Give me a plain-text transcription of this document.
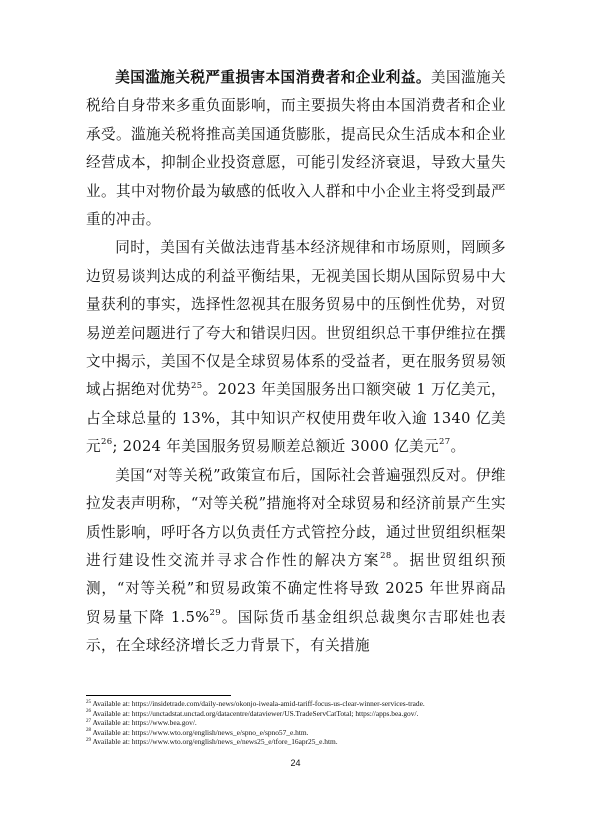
美国滥施关税严重损害本国消费者和企业利益。美国滥施关税给自身带来多重负面影响，而主要损失将由本国消费者和企业承受。滥施关税将推高美国通货膨胀，提高民众生活成本和企业经营成本，抑制企业投资意愿，可能引发经济衰退，导致大量失业。其中对物价最为敏感的低收入人群和中小企业主将受到最严重的冲击。

同时，美国有关做法违背基本经济规律和市场原则，罔顾多边贸易谈判达成的利益平衡结果，无视美国长期从国际贸易中大量获利的事实，选择性忽视其在服务贸易中的压倒性优势，对贸易逆差问题进行了夸大和错误归因。世贸组织总干事伊维拉在撰文中揭示，美国不仅是全球贸易体系的受益者，更在服务贸易领域占据绝对优势$^{25}$。2023 年美国服务出口额突破 1 万亿美元，占全球总量的 13%，其中知识产权使用费年收入逾 1340 亿美元$^{26}$; 2024 年美国服务贸易顺差总额近 3000 亿美元$^{27}$。

美国“对等关税”政策宣布后，国际社会普遍强烈反对。伊维拉发表声明称，“对等关税”措施将对全球贸易和经济前景产生实质性影响，呼吁各方以负责任方式管控分歧，通过世贸组织框架进行建设性交流并寻求合作性的解决方案$^{28}$。据世贸组织预测，“对等关税”和贸易政策不确定性将导致 2025 年世界商品贸易量下降 1.5%$^{29}$。国际货币基金组织总裁奥尔吉耶娃也表示，在全球经济增长乏力背景下，有关措施

$^{25}$ Available at: https://insidetrade.com/daily-news/okonjo-iweala-amid-tariff-focus-us-clear-winner-services-trade.
$^{26}$ Available at: https://unctadstat.unctad.org/datacentre/dataviewer/US.TradeServCatTotal; https://apps.bea.gov/.
$^{27}$ Available at: https://www.bea.gov/.
$^{28}$ Available at: https://www.wto.org/english/news_e/spno_e/spno57_e.htm.
$^{29}$ Available at: https://www.wto.org/english/news_e/news25_e/tfore_16apr25_e.htm.
24
